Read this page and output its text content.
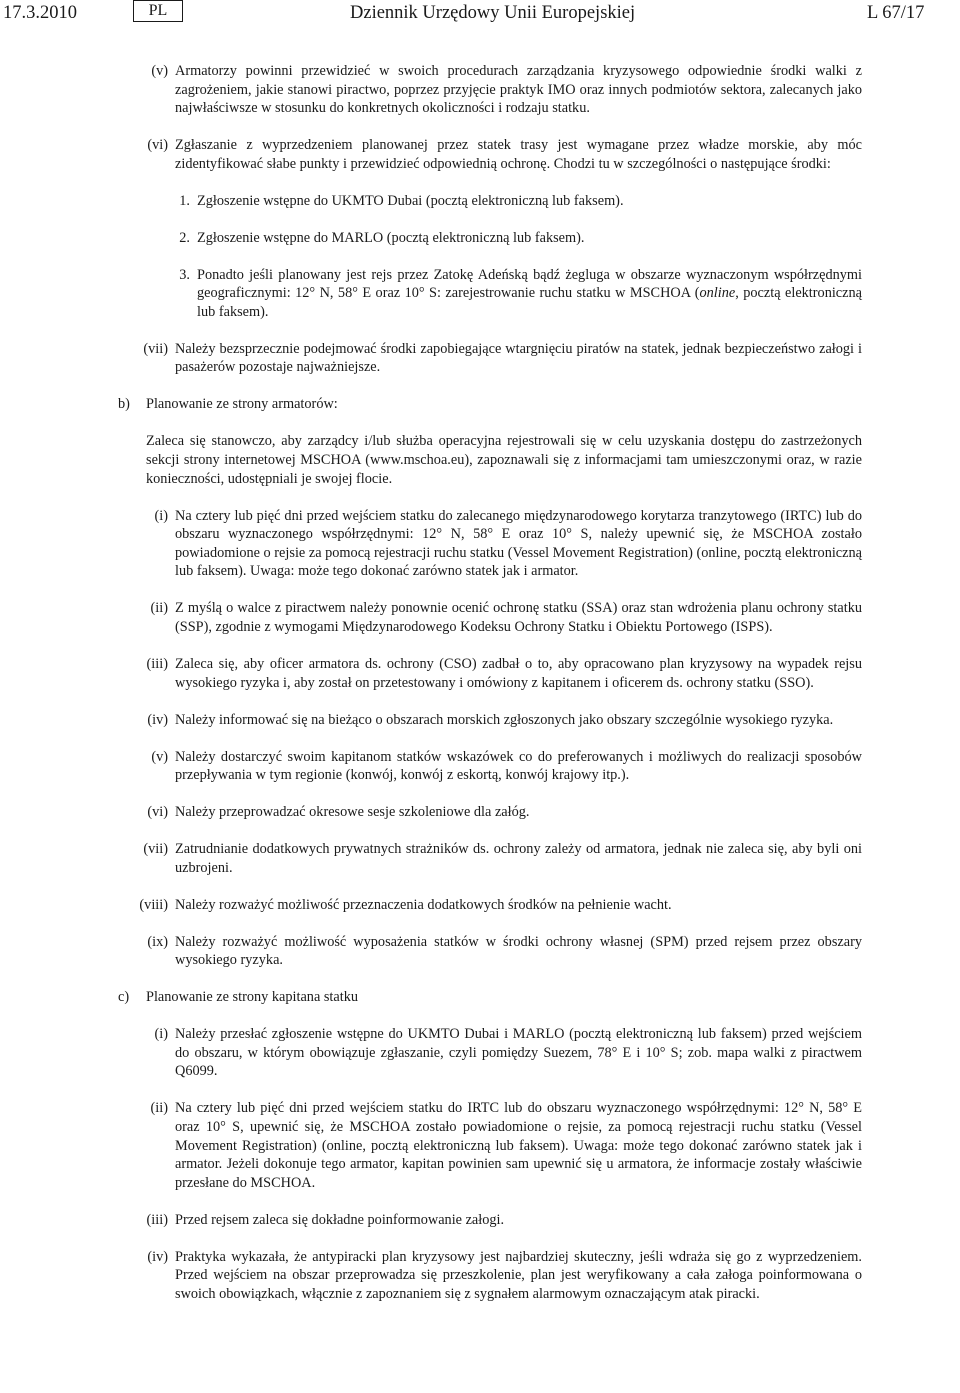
17.3.2010	PL	Dziennik Urzędowy Unii Europejskiej	L 67/17
(v) Armatorzy powinni przewidzieć w swoich procedurach zarządzania kryzysowego odpowiednie środki walki z zagrożeniem, jakie stanowi piractwo, poprzez przyjęcie praktyk IMO oraz innych podmiotów sektora, zalecanych jako najwłaściwsze w stosunku do konkretnych okoliczności i rodzaju statku.
(vi) Zgłaszanie z wyprzedzeniem planowanej przez statek trasy jest wymagane przez władze morskie, aby móc zidentyfikować słabe punkty i przewidzieć odpowiednią ochronę. Chodzi tu w szczególności o następujące środki:
1. Zgłoszenie wstępne do UKMTO Dubai (pocztą elektroniczną lub faksem).
2. Zgłoszenie wstępne do MARLO (pocztą elektroniczną lub faksem).
3. Ponadto jeśli planowany jest rejs przez Zatokę Adeńską bądź żegluga w obszarze wyznaczonym współrzędnymi geograficznymi: 12° N, 58° E oraz 10° S: zarejestrowanie ruchu statku w MSCHOA (online, pocztą elektroniczną lub faksem).
(vii) Należy bezsprzecznie podejmować środki zapobiegające wtargnięciu piratów na statek, jednak bezpieczeństwo załogi i pasażerów pozostaje najważniejsze.
b)	Planowanie ze strony armatorów:
Zaleca się stanowczo, aby zarządcy i/lub służba operacyjna rejestrowali się w celu uzyskania dostępu do zastrzeżonych sekcji strony internetowej MSCHOA (www.mschoa.eu), zapoznawali się z informacjami tam umieszczonymi oraz, w razie konieczności, udostępniali je swojej flocie.
(i) Na cztery lub pięć dni przed wejściem statku do zalecanego międzynarodowego korytarza tranzytowego (IRTC) lub do obszaru wyznaczonego współrzędnymi: 12° N, 58° E oraz 10° S, należy upewnić się, że MSCHOA zostało powiadomione o rejsie za pomocą rejestracji ruchu statku (Vessel Movement Registration) (online, pocztą elektroniczną lub faksem). Uwaga: może tego dokonać zarówno statek jak i armator.
(ii) Z myślą o walce z piractwem należy ponownie ocenić ochronę statku (SSA) oraz stan wdrożenia planu ochrony statku (SSP), zgodnie z wymogami Międzynarodowego Kodeksu Ochrony Statku i Obiektu Portowego (ISPS).
(iii) Zaleca się, aby oficer armatora ds. ochrony (CSO) zadbał o to, aby opracowano plan kryzysowy na wypadek rejsu wysokiego ryzyka i, aby został on przetestowany i omówiony z kapitanem i oficerem ds. ochrony statku (SSO).
(iv) Należy informować się na bieżąco o obszarach morskich zgłoszonych jako obszary szczególnie wysokiego ryzyka.
(v) Należy dostarczyć swoim kapitanom statków wskazówek co do preferowanych i możliwych do realizacji sposobów przepływania w tym regionie (konwój, konwój z eskortą, konwój krajowy itp.).
(vi) Należy przeprowadzać okresowe sesje szkoleniowe dla załóg.
(vii) Zatrudnianie dodatkowych prywatnych strażników ds. ochrony zależy od armatora, jednak nie zaleca się, aby byli oni uzbrojeni.
(viii) Należy rozważyć możliwość przeznaczenia dodatkowych środków na pełnienie wacht.
(ix) Należy rozważyć możliwość wyposażenia statków w środki ochrony własnej (SPM) przed rejsem przez obszary wysokiego ryzyka.
c)	Planowanie ze strony kapitana statku
(i) Należy przesłać zgłoszenie wstępne do UKMTO Dubai i MARLO (pocztą elektroniczną lub faksem) przed wejściem do obszaru, w którym obowiązuje zgłaszanie, czyli pomiędzy Suezem, 78° E i 10° S; zob. mapa walki z piractwem Q6099.
(ii) Na cztery lub pięć dni przed wejściem statku do IRTC lub do obszaru wyznaczonego współrzędnymi: 12° N, 58° E oraz 10° S, upewnić się, że MSCHOA zostało powiadomione o rejsie, za pomocą rejestracji ruchu statku (Vessel Movement Registration) (online, pocztą elektroniczną lub faksem). Uwaga: może tego dokonać zarówno statek jak i armator. Jeżeli dokonuje tego armator, kapitan powinien sam upewnić się u armatora, że informacje zostały właściwie przesłane do MSCHOA.
(iii) Przed rejsem zaleca się dokładne poinformowanie załogi.
(iv) Praktyka wykazała, że antypiracki plan kryzysowy jest najbardziej skuteczny, jeśli wdraża się go z wyprzedzeniem. Przed wejściem na obszar przeprowadza się przeszkolenie, plan jest weryfikowany a cała załoga poinformowana o swoich obowiązkach, włącznie z zapoznaniem się z sygnałem alarmowym oznaczającym atak piracki.
